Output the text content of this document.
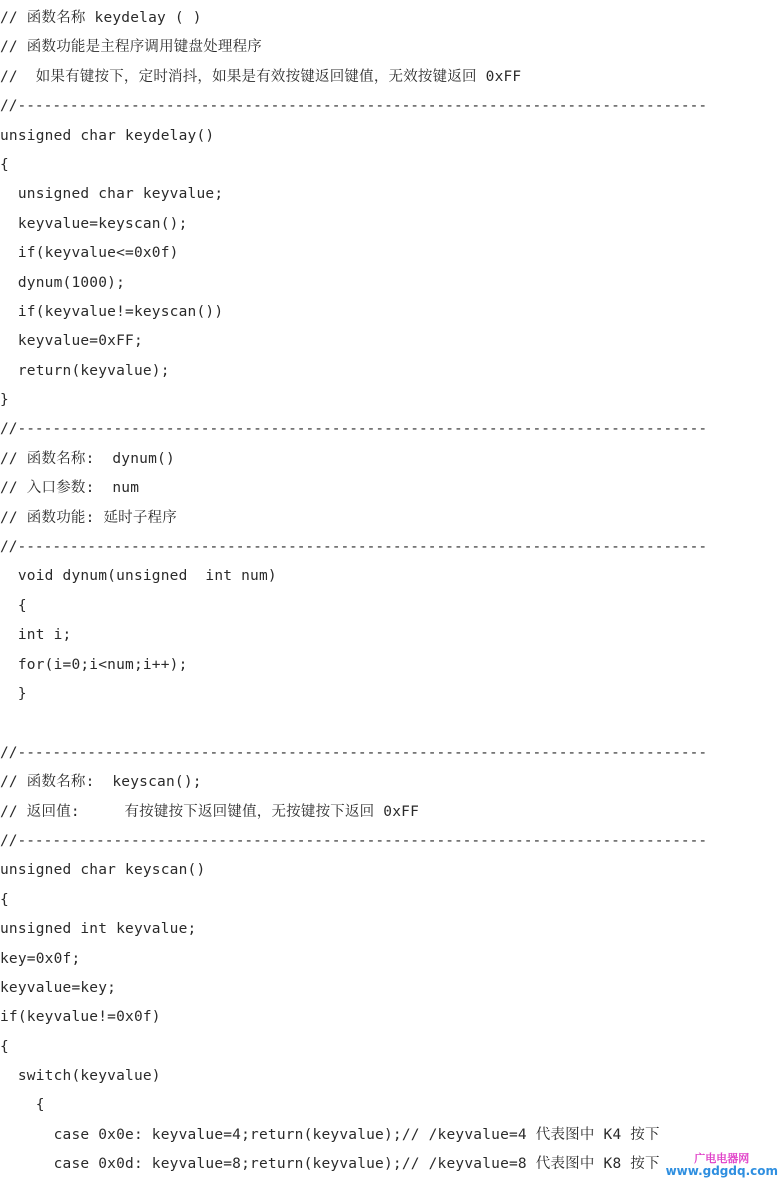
// 函数名称 keydelay ( )
// 函数功能是主程序调用键盘处理程序
//  如果有键按下，定时消抖，如果是有效按键返回键值，无效按键返回 0xFF
//-------------------------------------------------------------------------------
unsigned char keydelay()
{
unsigned char keyvalue;
keyvalue=keyscan();
if(keyvalue<=0x0f)
dynum(1000);
if(keyvalue!=keyscan())
keyvalue=0xFF;
return(keyvalue);
}
//-------------------------------------------------------------------------------
// 函数名称:  dynum()
// 入口参数:  num
// 函数功能: 延时子程序
//-------------------------------------------------------------------------------
void dynum(unsigned  int num)
{
int i;
for(i=0;i<num;i++);
}
//-------------------------------------------------------------------------------
// 函数名称:  keyscan();
// 返回值:     有按键按下返回键值，无按键按下返回 0xFF
//-------------------------------------------------------------------------------
unsigned char keyscan()
{
unsigned int keyvalue;
key=0x0f;
keyvalue=key;
if(keyvalue!=0x0f)
{
switch(keyvalue)
{
case 0x0e: keyvalue=4;return(keyvalue);// /keyvalue=4 代表图中 K4 按下
case 0x0d: keyvalue=8;return(keyvalue);// /keyvalue=8 代表图中 K8 按下	广电电器网
www.gdgdq.com
